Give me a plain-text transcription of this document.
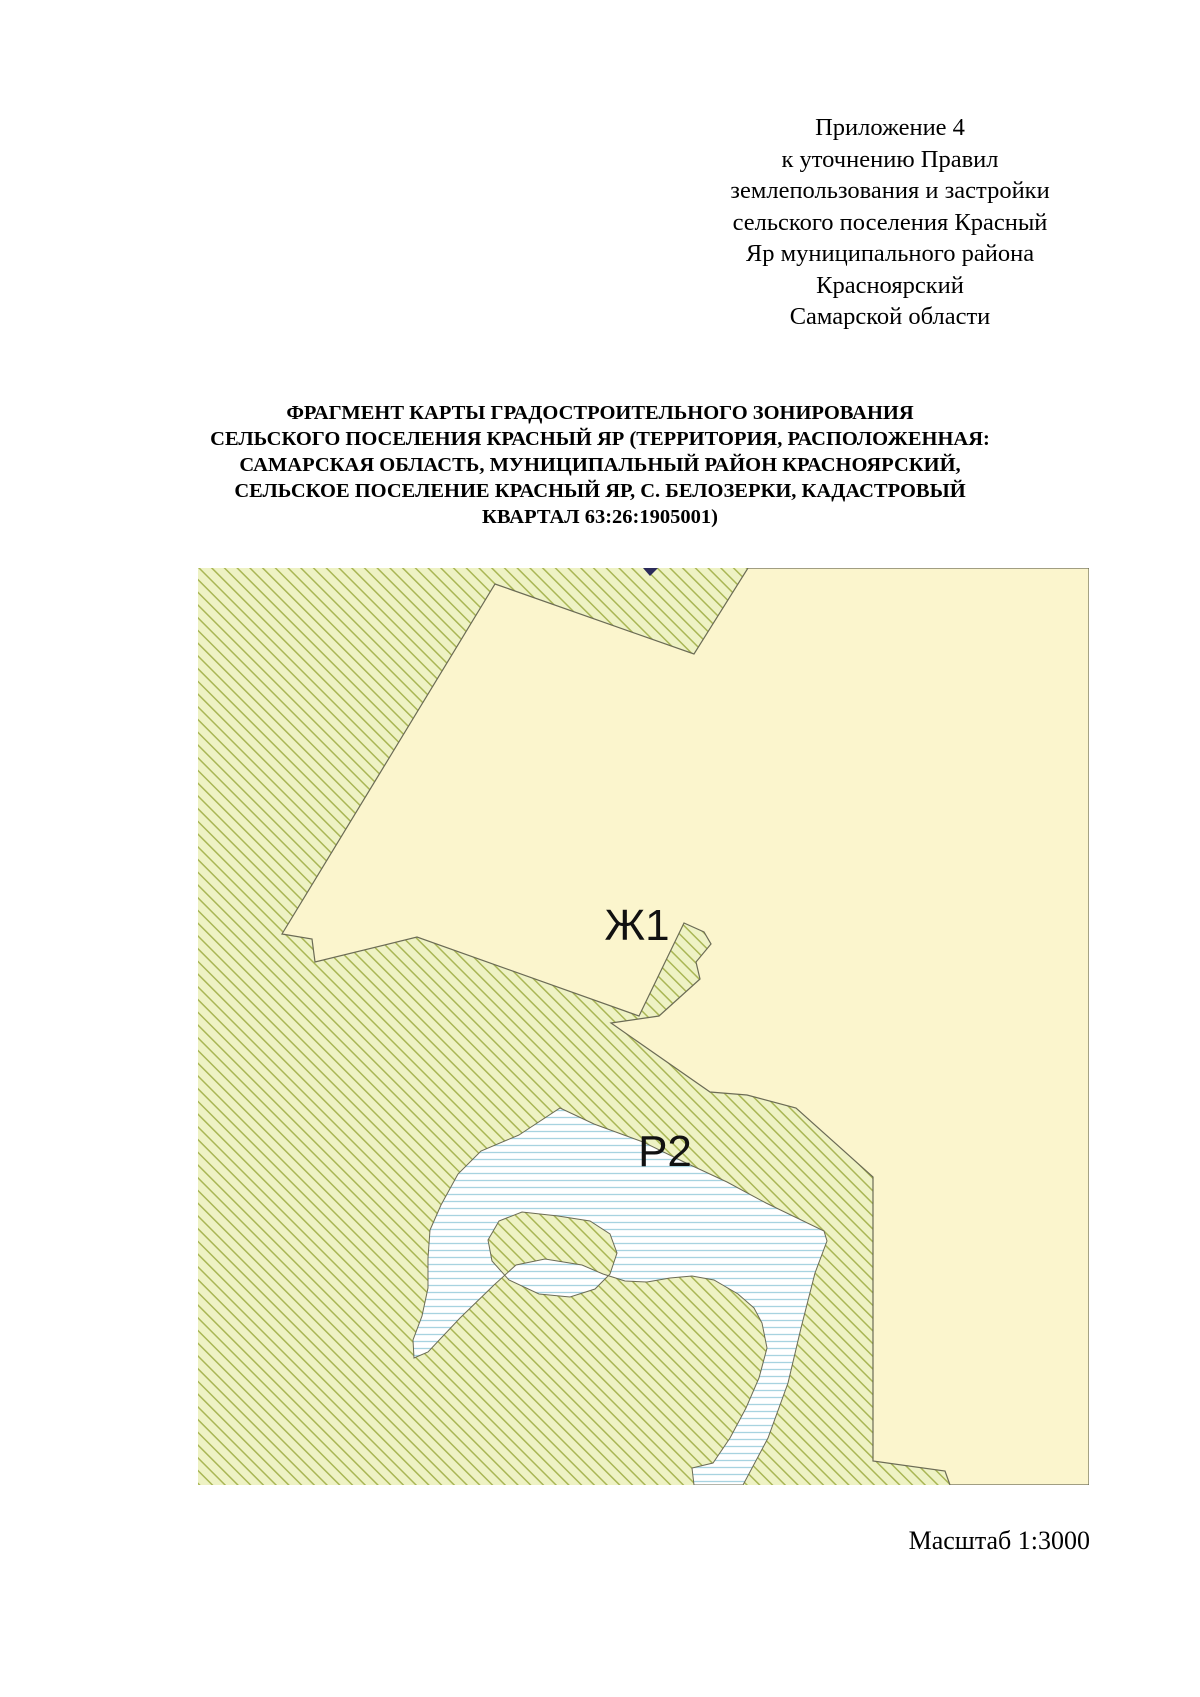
Приложение 4
к уточнению Правил
землепользования и застройки
сельского поселения Красный
Яр муниципального района
Красноярский
Самарской области
ФРАГМЕНТ КАРТЫ ГРАДОСТРОИТЕЛЬНОГО ЗОНИРОВАНИЯ
СЕЛЬСКОГО ПОСЕЛЕНИЯ КРАСНЫЙ ЯР (ТЕРРИТОРИЯ, РАСПОЛОЖЕННАЯ:
САМАРСКАЯ ОБЛАСТЬ, МУНИЦИПАЛЬНЫЙ РАЙОН КРАСНОЯРСКИЙ,
СЕЛЬСКОЕ ПОСЕЛЕНИЕ КРАСНЫЙ ЯР, С. БЕЛОЗЕРКИ, КАДАСТРОВЫЙ
КВАРТАЛ 63:26:1905001)
Ж1
Р2
Масштаб 1:3000
